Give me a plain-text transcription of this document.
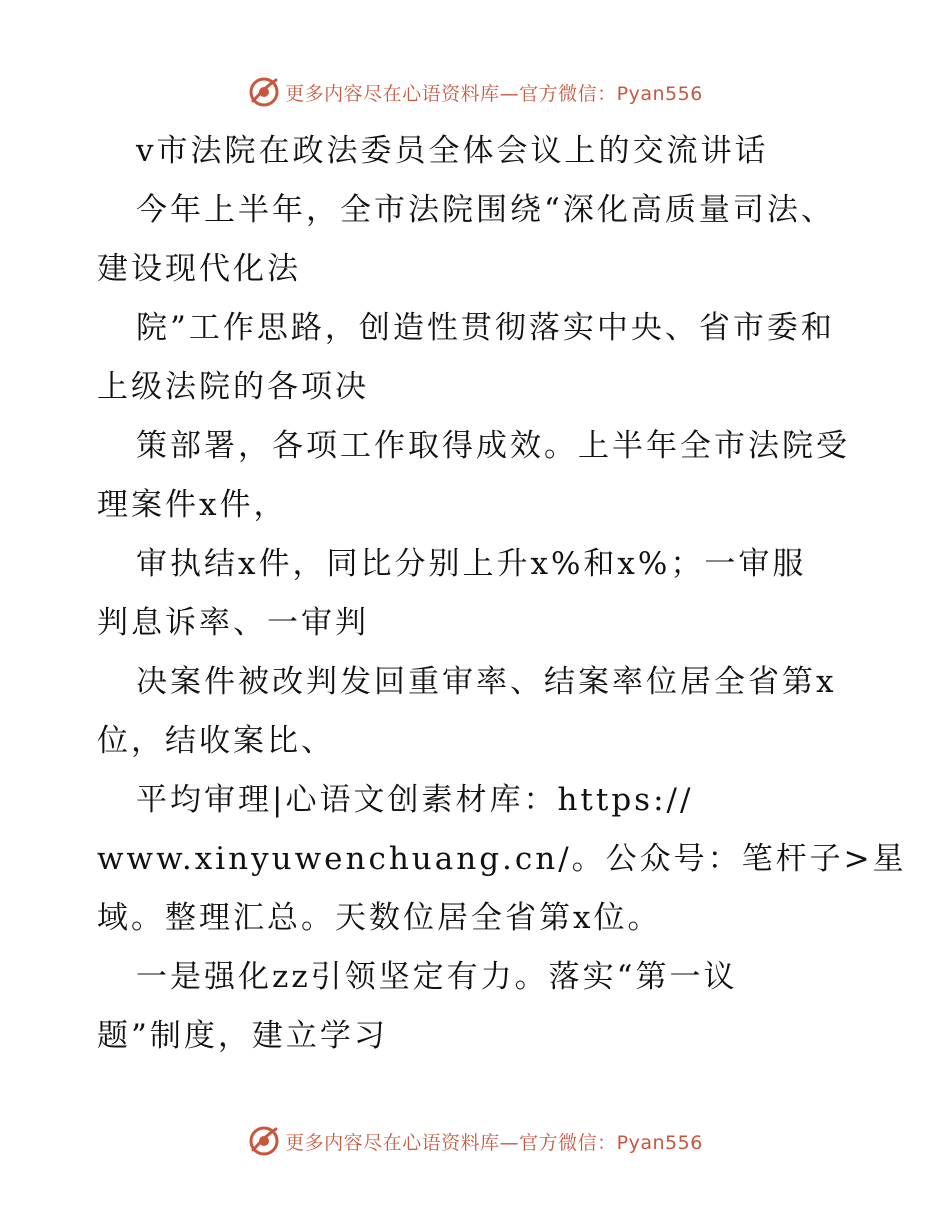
更多内容尽在心语资料库—官方微信：Pyan556
v市法院在政法委员全体会议上的交流讲话
今年上半年，全市法院围绕“深化高质量司法、
建设现代化法
院”工作思路，创造性贯彻落实中央、省市委和
上级法院的各项决
策部署，各项工作取得成效。上半年全市法院受
理案件x件，
审执结x件，同比分别上升x%和x%；一审服
判息诉率、一审判
决案件被改判发回重审率、结案率位居全省第x
位，结收案比、
平均审理|心语文创素材库：https://
www.xinyuwenchuang.cn/。公众号：笔杆子>星
域。整理汇总。天数位居全省第x位。
一是强化zz引领坚定有力。落实“第一议
题”制度，建立学习
更多内容尽在心语资料库—官方微信：Pyan556
